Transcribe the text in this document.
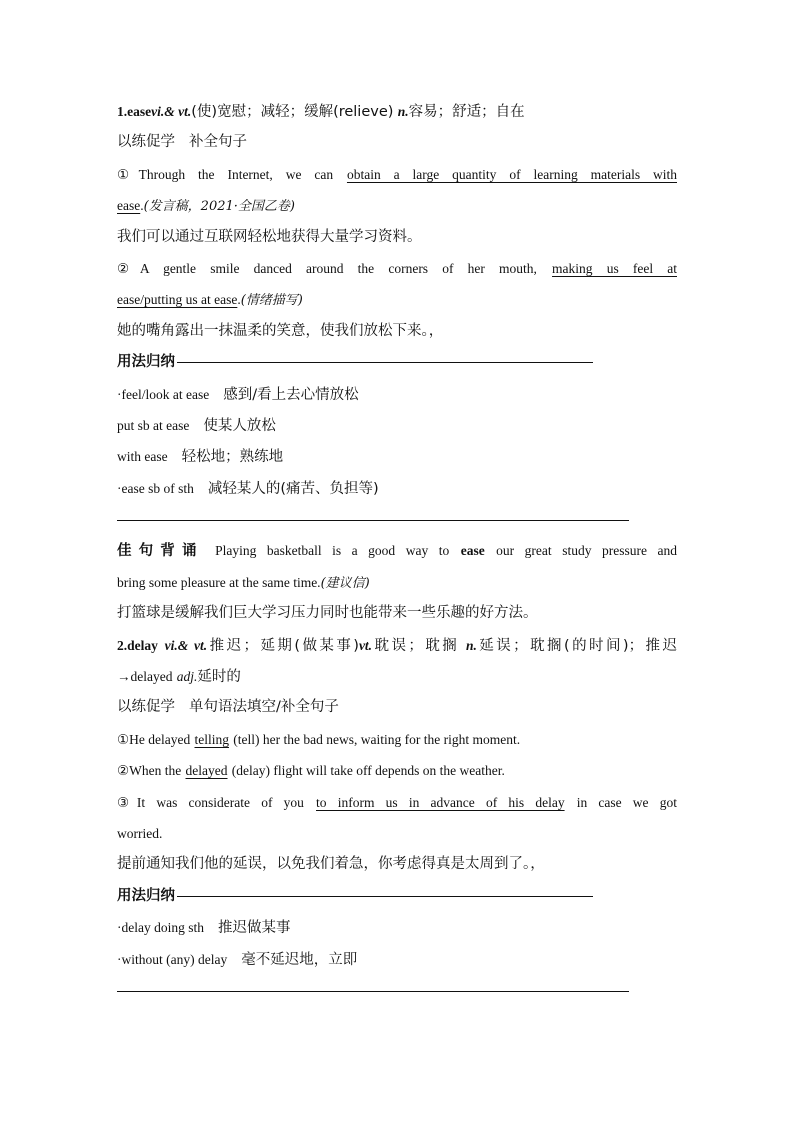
1.easevi.& vt.(使)宽慰；减轻；缓解(relieve) n.容易；舒适；自在
以练促学 补全句子
①Through the Internet, we can obtain a large quantity of learning materials with
ease.(发言稿，2021·全国乙卷)
我们可以通过互联网轻松地获得大量学习资料。
②A gentle smile danced around the corners of her mouth, making us feel at
ease/putting us at ease.(情绪描写)
她的嘴角露出一抹温柔的笑意，使我们放松下来。，
用法归纳
·feel/look at ease 感到/看上去心情放松
put sb at ease 使某人放松
with ease 轻松地；熟练地
·ease sb of sth 减轻某人的(痛苦、负担等)
佳句背诵 Playing basketball is a good way to ease our great study pressure and
bring some pleasure at the same time.(建议信)
打篮球是缓解我们巨大学习压力同时也能带来一些乐趣的好方法。
2.delay vi.& vt.推迟；延期(做某事)vt.耽误；耽搁 n.延误；耽搁(的时间)；推迟
→delayed adj.延时的
以练促学 单句语法填空/补全句子
①He delayed telling (tell) her the bad news, waiting for the right moment.
②When the delayed (delay) flight will take off depends on the weather.
③It was considerate of you to inform us in advance of his delay in case we got
worried.
提前通知我们他的延误，以免我们着急，你考虑得真是太周到了。，
用法归纳
·delay doing sth 推迟做某事
·without (any) delay 毫不延迟地，立即
